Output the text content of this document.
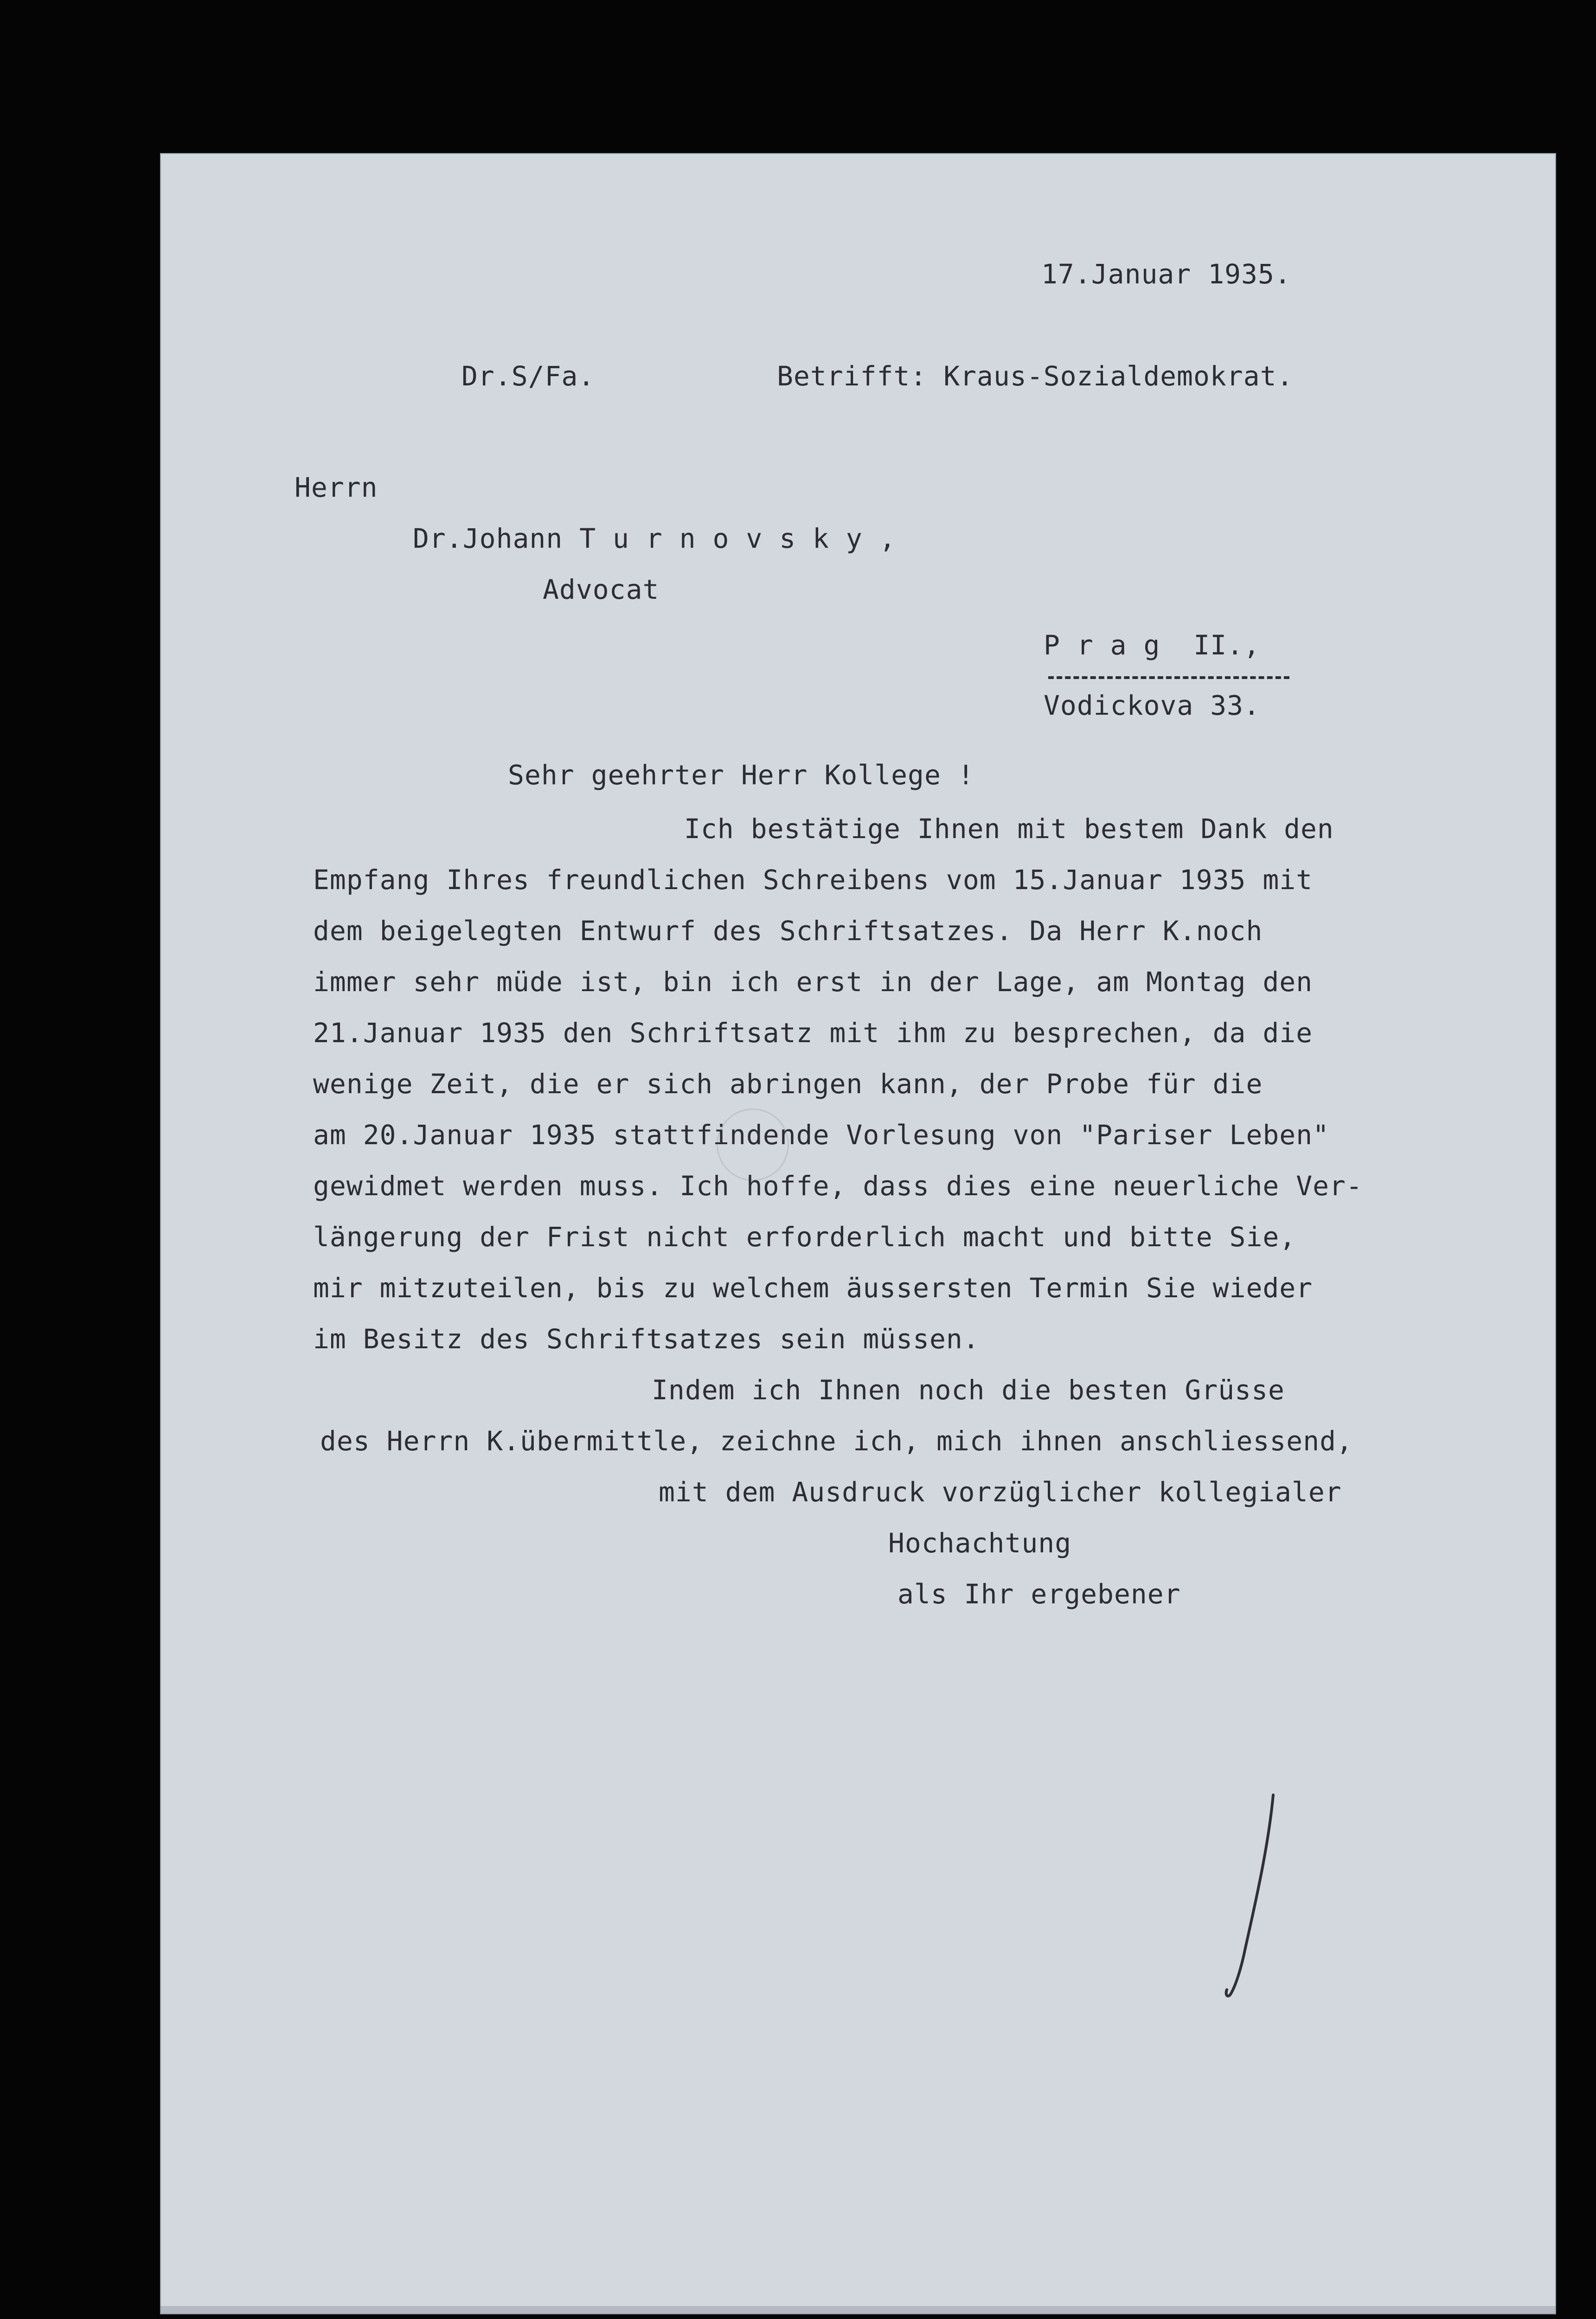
17.Januar 1935.
Dr.S/Fa.	Betrifft: Kraus-Sozialdemokrat.
Herrn
Dr.Johann T u r n o v s k y ,
Advocat
P r a g  II.,
Vodickova 33.
Sehr geehrter Herr Kollege !
Ich bestätige Ihnen mit bestem Dank den
Empfang Ihres freundlichen Schreibens vom 15.Januar 1935 mit
dem beigelegten Entwurf des Schriftsatzes. Da Herr K.noch
immer sehr müde ist, bin ich erst in der Lage, am Montag den
21.Januar 1935 den Schriftsatz mit ihm zu besprechen, da die
wenige Zeit, die er sich abringen kann, der Probe für die
am 20.Januar 1935 stattfindende Vorlesung von "Pariser Leben"
gewidmet werden muss. Ich hoffe, dass dies eine neuerliche Ver-
längerung der Frist nicht erforderlich macht und bitte Sie,
mir mitzuteilen, bis zu welchem äussersten Termin Sie wieder
im Besitz des Schriftsatzes sein müssen.
Indem ich Ihnen noch die besten Grüsse
des Herrn K.übermittle, zeichne ich, mich ihnen anschliessend,
mit dem Ausdruck vorzüglicher kollegialer
Hochachtung
als Ihr ergebener
